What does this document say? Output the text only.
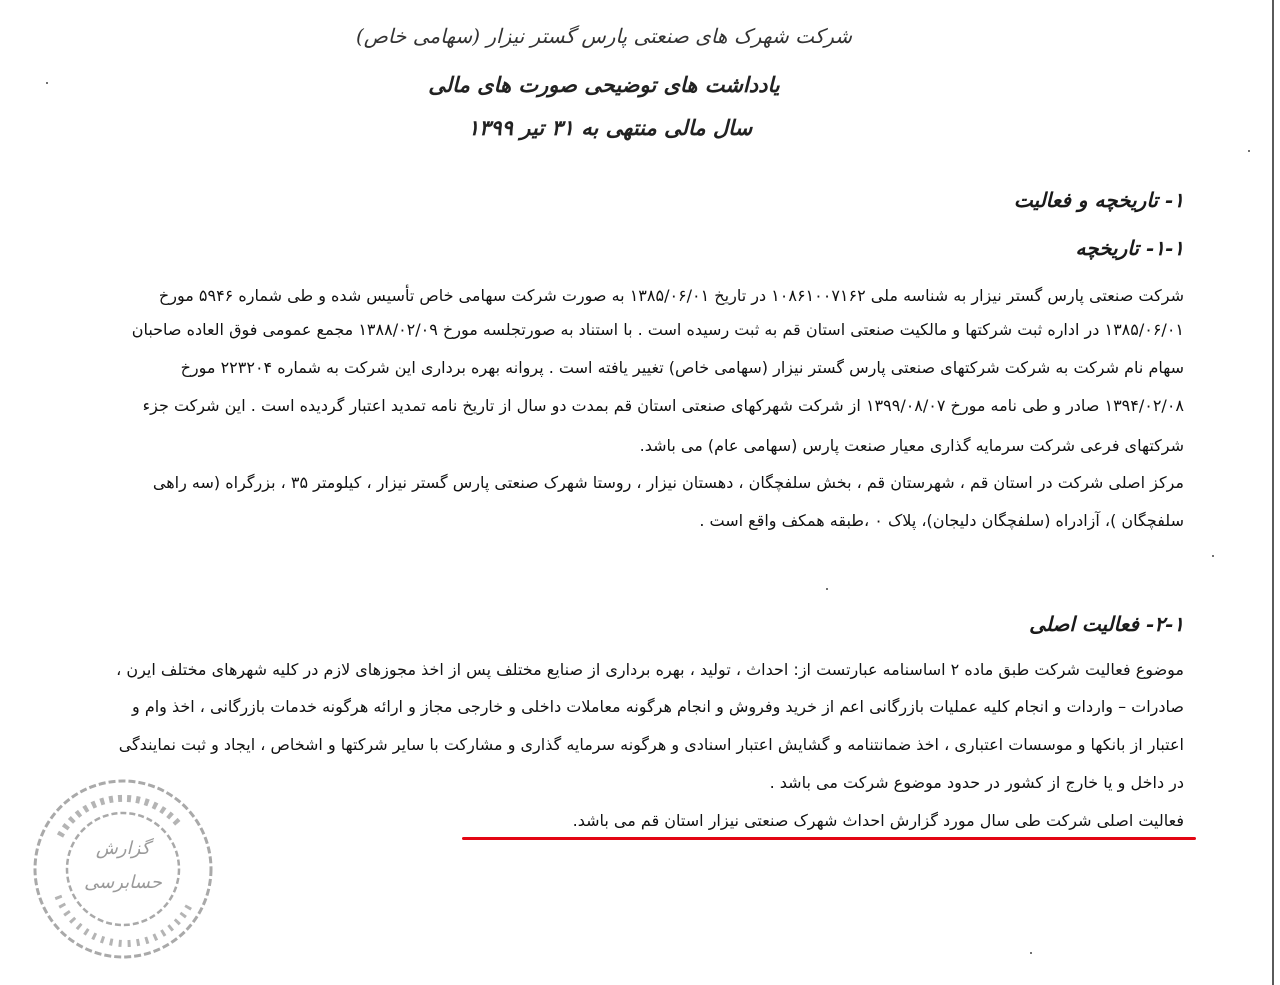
شرکت شهرک های صنعتی پارس گستر نیزار (سهامی خاص)
یادداشت های توضیحی صورت های مالی
سال مالی منتهی به ۳۱ تیر ۱۳۹۹
۱- تاریخچه و فعالیت
۱-۱- تاریخچه
شرکت صنعتی پارس گستر نیزار به شناسه ملی ۱۰۸۶۱۰۰۷۱۶۲ در تاریخ ۱۳۸۵/۰۶/۰۱ به صورت شرکت سهامی خاص تأسیس شده و طی شماره ۵۹۴۶ مورخ
۱۳۸۵/۰۶/۰۱ در اداره ثبت شرکتها و مالکیت صنعتی استان قم به ثبت رسیده است . با استناد به صورتجلسه مورخ ۱۳۸۸/۰۲/۰۹ مجمع عمومی فوق العاده صاحبان
سهام نام شرکت به شرکت شرکتهای صنعتی پارس گستر نیزار (سهامی خاص) تغییر یافته است . پروانه بهره برداری این شرکت به شماره ۲۲۳۲۰۴ مورخ
۱۳۹۴/۰۲/۰۸ صادر و طی نامه مورخ ۱۳۹۹/۰۸/۰۷ از شرکت شهرکهای صنعتی استان قم بمدت دو سال از تاریخ نامه تمدید اعتبار گردیده است . این شرکت جزء
شرکتهای فرعی شرکت سرمایه گذاری معیار صنعت پارس (سهامی عام) می باشد.
مرکز اصلی شرکت در استان قم ، شهرستان قم ، بخش سلفچگان ، دهستان نیزار ، روستا شهرک صنعتی پارس گستر نیزار ، کیلومتر ۳۵ ، بزرگراه (سه راهی
سلفچگان )، آزادراه (سلفچگان دلیجان)، پلاک ۰ ،طبقه همکف واقع است .
۲-۱- فعالیت اصلی
موضوع فعالیت شرکت طبق ماده ۲ اساسنامه عبارتست از: احداث ، تولید ، بهره برداری از صنایع مختلف پس از اخذ مجوزهای لازم در کلیه شهرهای مختلف ایرن ،
صادرات – واردات و انجام کلیه عملیات بازرگانی اعم از خرید وفروش و انجام هرگونه معاملات داخلی و خارجی مجاز و ارائه هرگونه خدمات بازرگانی ، اخذ وام و
اعتبار از بانکها و موسسات اعتباری ، اخذ ضمانتنامه و گشایش اعتبار اسنادی و هرگونه سرمایه گذاری و مشارکت با سایر شرکتها و اشخاص ، ایجاد و ثبت نمایندگی
در داخل و یا خارج از کشور در حدود موضوع شرکت می باشد .
فعالیت اصلی شرکت طی سال مورد گزارش احداث شهرک صنعتی نیزار استان قم می باشد.
گزارش
حسابرسی
